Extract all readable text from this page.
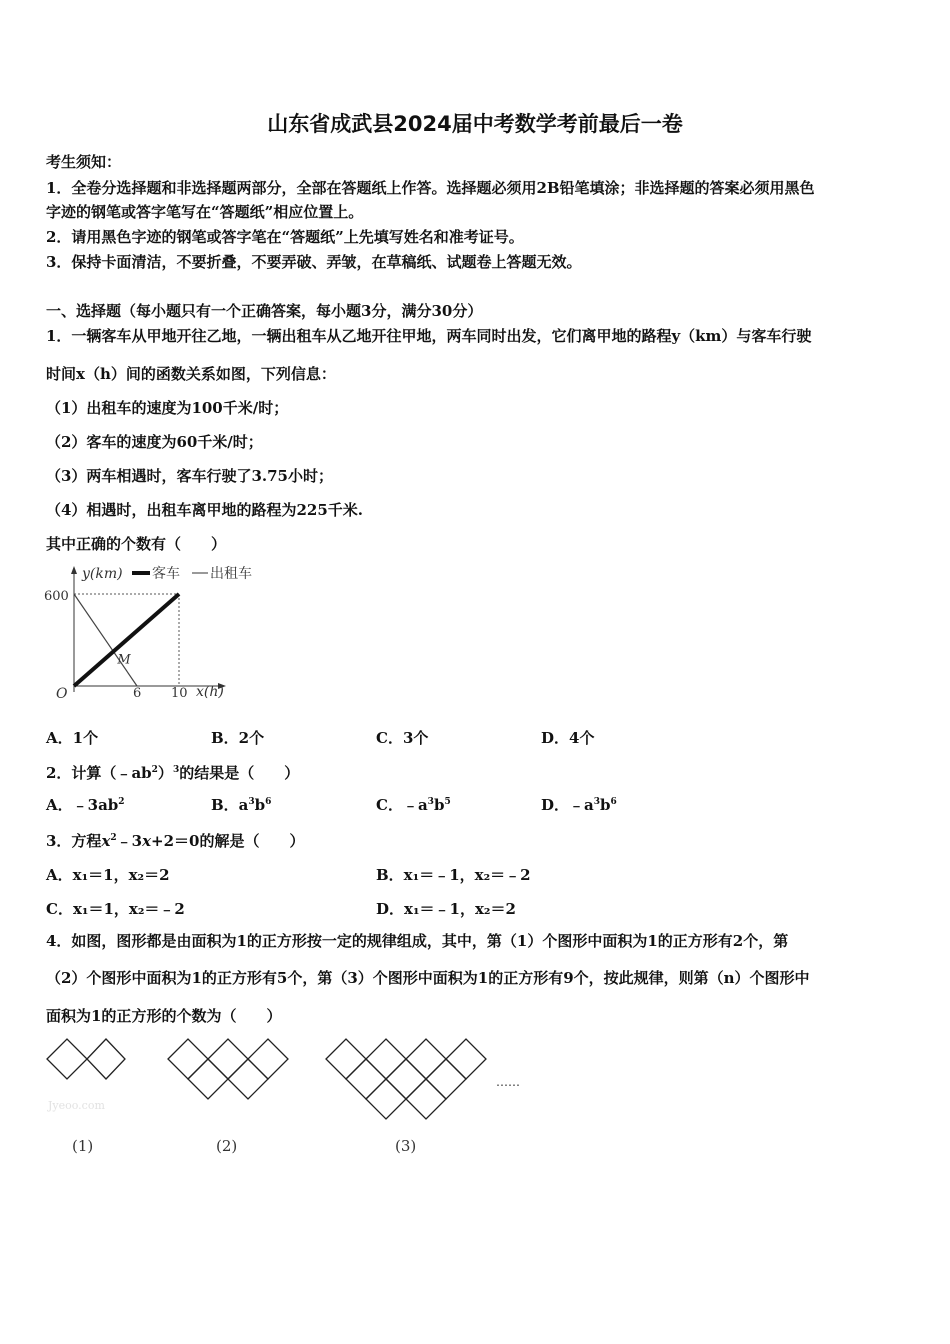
山东省成武县2024届中考数学考前最后一卷
考生须知：
1．全卷分选择题和非选择题两部分，全部在答题纸上作答。选择题必须用2B铅笔填涂；非选择题的答案必须用黑色
字迹的钢笔或答字笔写在“答题纸”相应位置上。
2．请用黑色字迹的钢笔或答字笔在“答题纸”上先填写姓名和准考证号。
3．保持卡面清洁，不要折叠，不要弄破、弄皱，在草稿纸、试题卷上答题无效。
一、选择题（每小题只有一个正确答案，每小题3分，满分30分）
1．一辆客车从甲地开往乙地，一辆出租车从乙地开往甲地，两车同时出发，它们离甲地的路程y（km）与客车行驶
时间x（h）间的函数关系如图，下列信息：
（1）出租车的速度为100千米/时；
（2）客车的速度为60千米/时；
（3）两车相遇时，客车行驶了3.75小时；
（4）相遇时，出租车离甲地的路程为225千米.
其中正确的个数有（　　）
y(km) 客车 出租车
600
M
O	6 10 x(h)
A．1个	B．2个	C．3个	D．4个
2．计算$(﹣ab^2)^3$的结果是（　　）
A．$﹣3ab^2$	B．$a^3b^6$	C．$﹣a^3b^5$	D．$﹣a^3b^6$
3．方程$x^2﹣3x+2=0$的解是（　　）
A．x₁＝1，x₂＝2	B．x₁＝﹣1，x₂＝﹣2
C．x₁＝1，x₂＝﹣2	D．x₁＝﹣1，x₂＝2
4．如图，图形都是由面积为1的正方形按一定的规律组成，其中，第（1）个图形中面积为1的正方形有2个，第
（2）个图形中面积为1的正方形有5个，第（3）个图形中面积为1的正方形有9个，按此规律，则第（n）个图形中
面积为1的正方形的个数为（　　）
……
Jyeoo.com
(1)	(2)	(3)
